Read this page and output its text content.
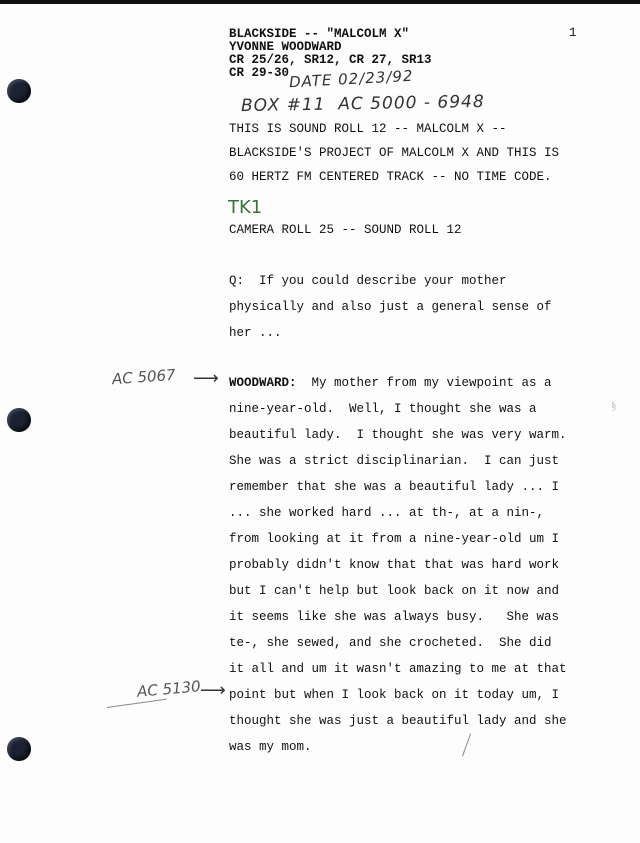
BLACKSIDE -- "MALCOLM X"
YVONNE WOODWARD
CR 25/26, SR12, CR 27, SR13
CR 29-30
1
DATE 02/23/92
BOX #11  AC 5000 - 6948
THIS IS SOUND ROLL 12 -- MALCOLM X --
BLACKSIDE'S PROJECT OF MALCOLM X AND THIS IS
60 HERTZ FM CENTERED TRACK -- NO TIME CODE.
TK1
CAMERA ROLL 25 -- SOUND ROLL 12
Q:  If you could describe your mother
physically and also just a general sense of
her ...
AC 5067 ⟶ WOODWARD:  My mother from my viewpoint as a
nine-year-old.  Well, I thought she was a
beautiful lady.  I thought she was very warm.
She was a strict disciplinarian.  I can just
remember that she was a beautiful lady ... I
... she worked hard ... at th-, at a nin-,
from looking at it from a nine-year-old um I
probably didn't know that that was hard work
but I can't help but look back on it now and
it seems like she was always busy.   She was
te-, she sewed, and she crocheted.  She did
it all and um it wasn't amazing to me at that
point but when I look back on it today um, I
thought she was just a beautiful lady and she
was my mom.
AC 5130
⟶
§
